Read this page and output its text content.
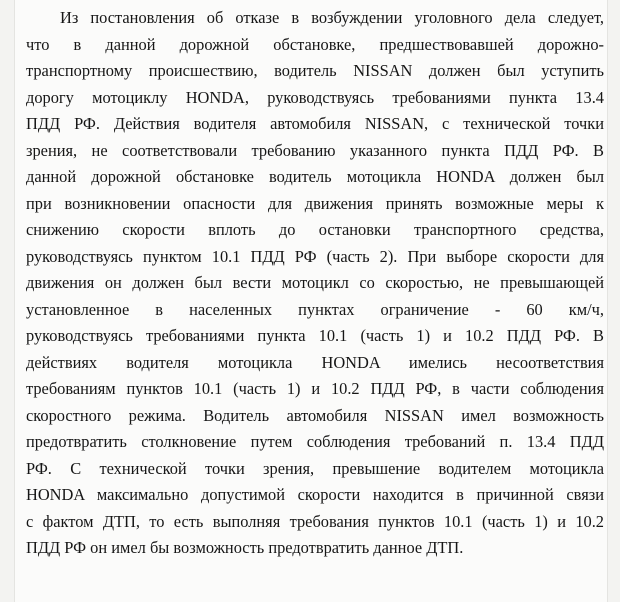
Из постановления об отказе в возбуждении уголовного дела следует,
что в данной дорожной обстановке, предшествовавшей дорожно-
транспортному происшествию, водитель NISSAN должен был уступить
дорогу мотоциклу HONDA, руководствуясь требованиями пункта 13.4
ПДД РФ. Действия водителя автомобиля NISSAN, с технической точки
зрения, не соответствовали требованию указанного пункта ПДД РФ. В
данной дорожной обстановке водитель мотоцикла HONDA должен был
при возникновении опасности для движения принять возможные меры к
снижению скорости вплоть до остановки транспортного средства,
руководствуясь пунктом 10.1 ПДД РФ (часть 2). При выборе скорости для
движения он должен был вести мотоцикл со скоростью, не превышающей
установленное в населенных пунктах ограничение - 60 км/ч,
руководствуясь требованиями пункта 10.1 (часть 1) и 10.2 ПДД РФ. В
действиях водителя мотоцикла HONDA имелись несоответствия
требованиям пунктов 10.1 (часть 1) и 10.2 ПДД РФ, в части соблюдения
скоростного режима. Водитель автомобиля NISSAN имел возможность
предотвратить столкновение путем соблюдения требований п. 13.4 ПДД
РФ. С технической точки зрения, превышение водителем мотоцикла
HONDA максимально допустимой скорости находится в причинной связи
с фактом ДТП, то есть выполняя требования пунктов 10.1 (часть 1) и 10.2
ПДД РФ он имел бы возможность предотвратить данное ДТП.
